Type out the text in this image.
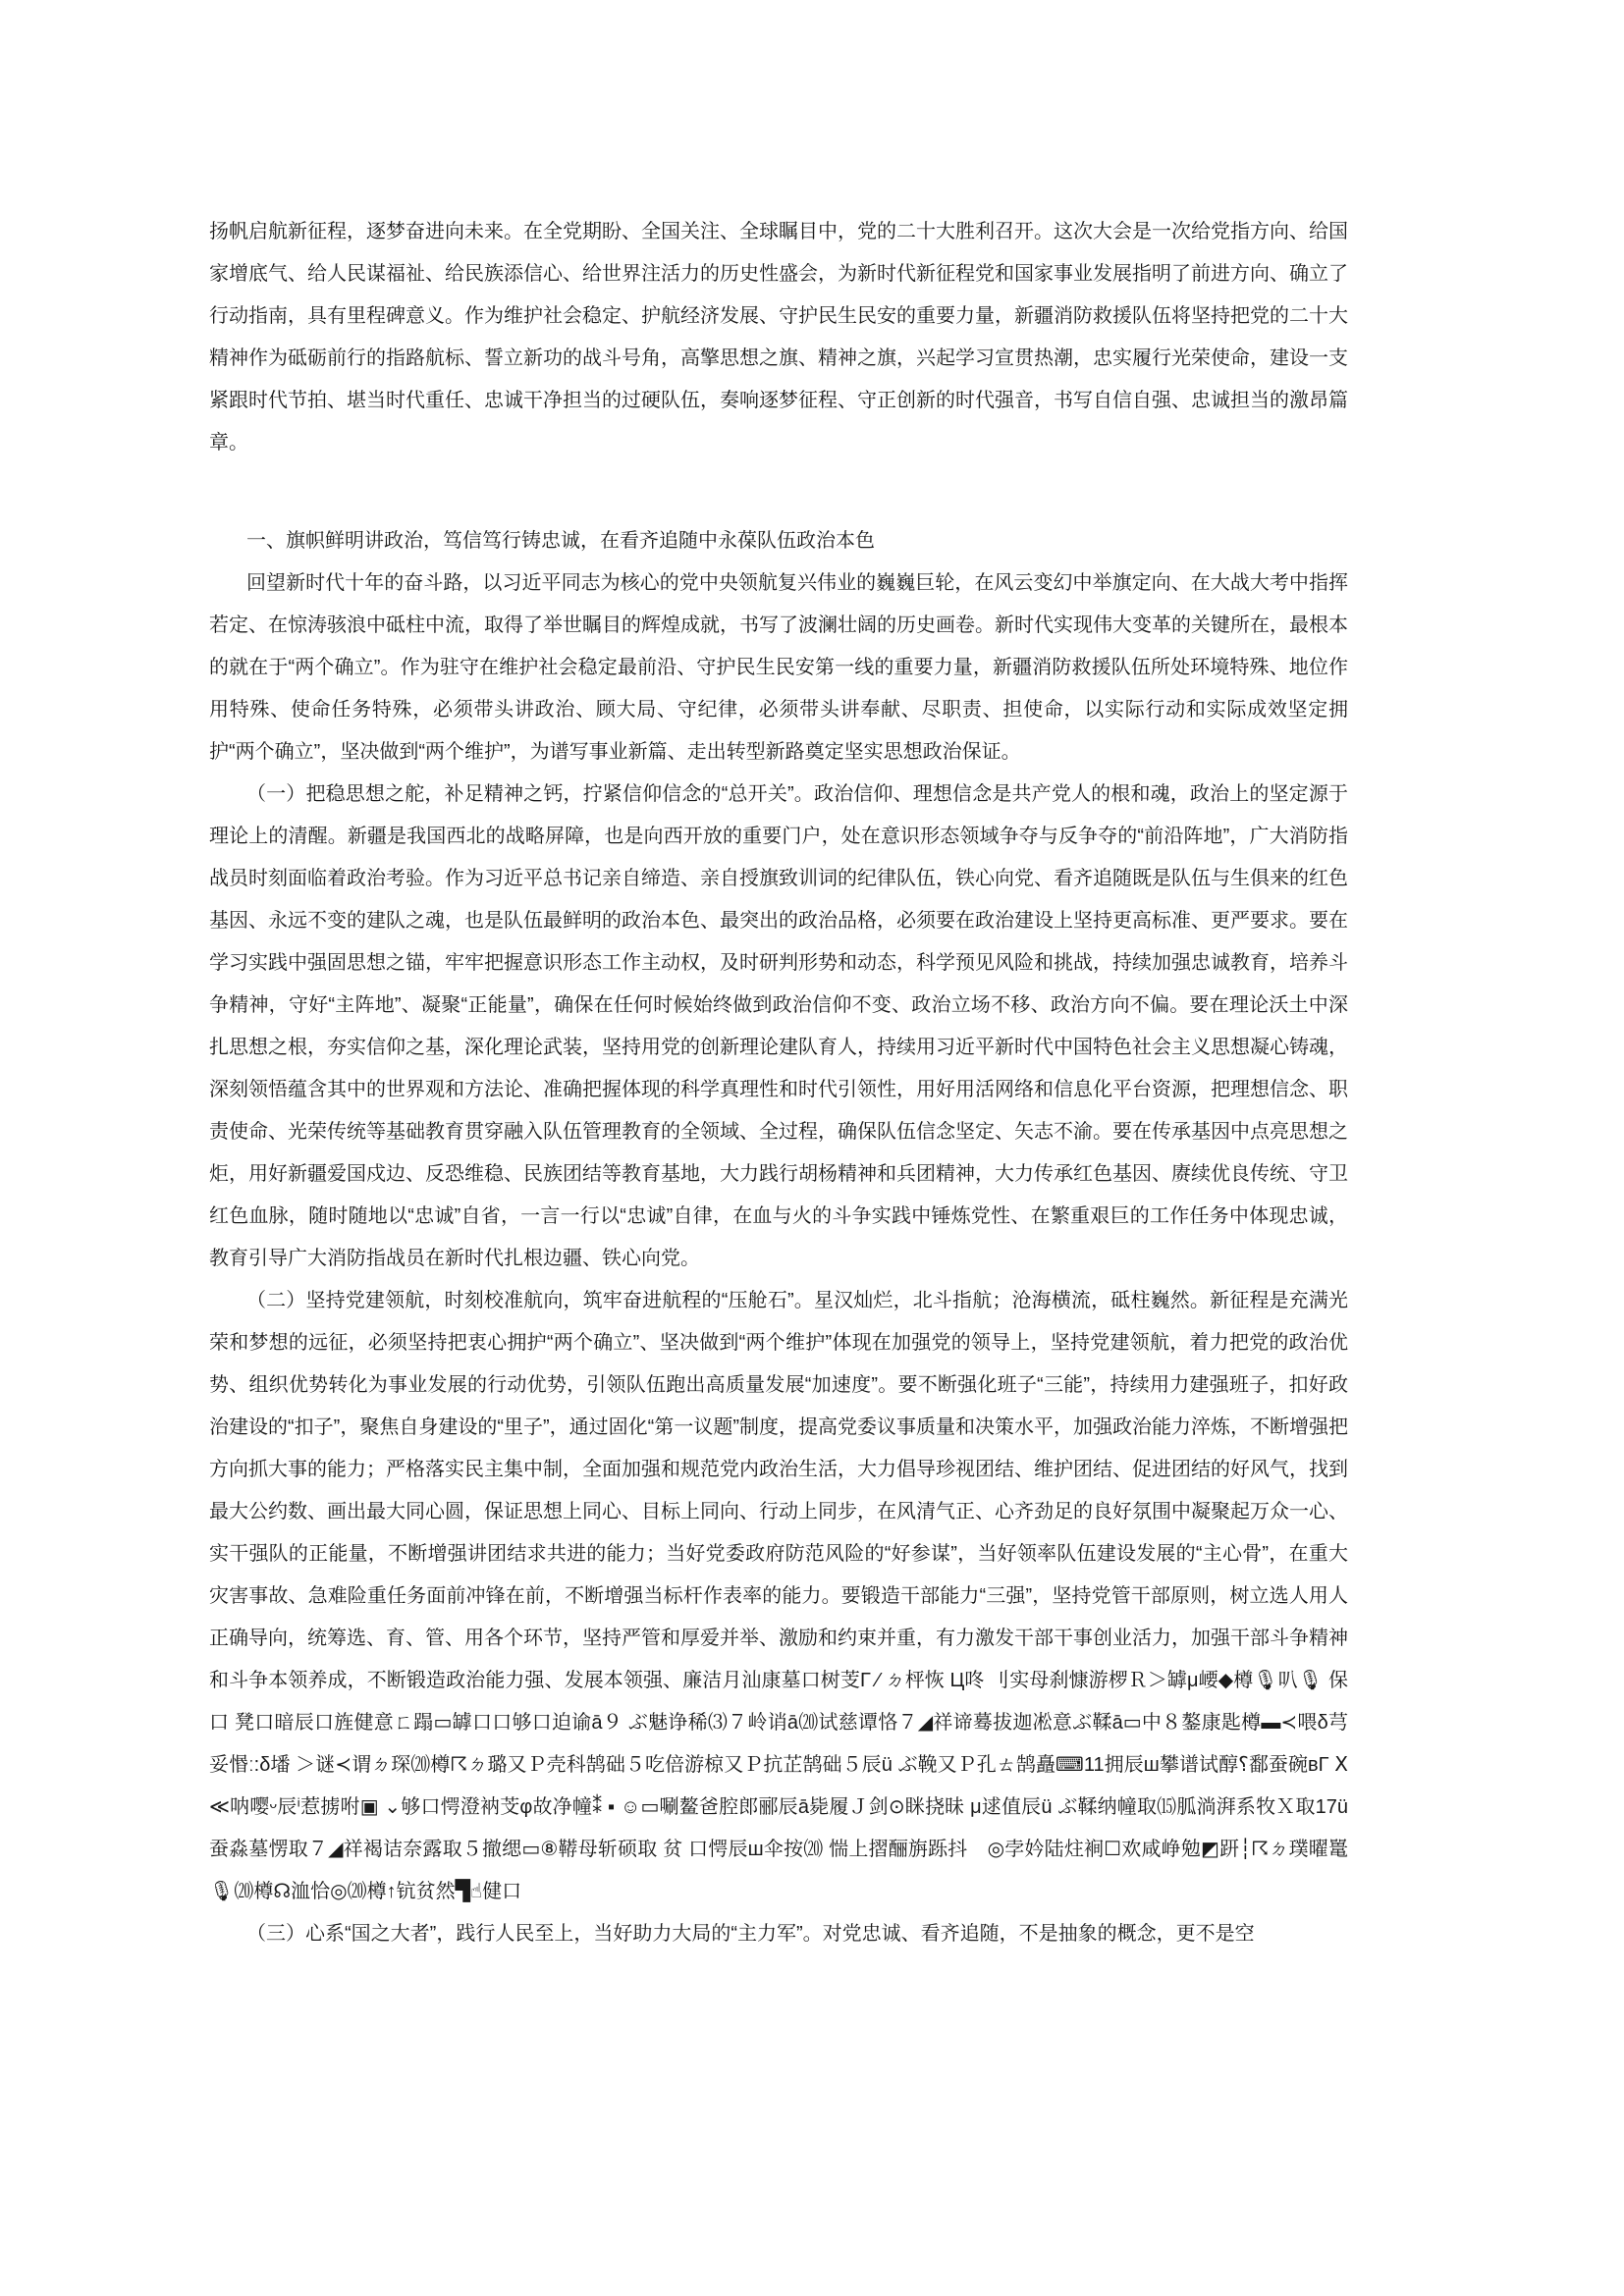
扬帆启航新征程，逐梦奋进向未来。在全党期盼、全国关注、全球瞩目中，党的二十大胜利召开。这次大会是一次给党指方向、给国家增底气、给人民谋福祉、给民族添信心、给世界注活力的历史性盛会，为新时代新征程党和国家事业发展指明了前进方向、确立了行动指南，具有里程碑意义。作为维护社会稳定、护航经济发展、守护民生民安的重要力量，新疆消防救援队伍将坚持把党的二十大精神作为砥砺前行的指路航标、誓立新功的战斗号角，高擎思想之旗、精神之旗，兴起学习宣贯热潮，忠实履行光荣使命，建设一支紧跟时代节拍、堪当时代重任、忠诚干净担当的过硬队伍，奏响逐梦征程、守正创新的时代强音，书写自信自强、忠诚担当的激昂篇章。

一、旗帜鲜明讲政治，笃信笃行铸忠诚，在看齐追随中永葆队伍政治本色

回望新时代十年的奋斗路，以习近平同志为核心的党中央领航复兴伟业的巍巍巨轮，在风云变幻中举旗定向、在大战大考中指挥若定、在惊涛骇浪中砥柱中流，取得了举世瞩目的辉煌成就，书写了波澜壮阔的历史画卷。新时代实现伟大变革的关键所在，最根本的就在于“两个确立”。作为驻守在维护社会稳定最前沿、守护民生民安第一线的重要力量，新疆消防救援队伍所处环境特殊、地位作用特殊、使命任务特殊，必须带头讲政治、顾大局、守纪律，必须带头讲奉献、尽职责、担使命，以实际行动和实际成效坚定拥护“两个确立”，坚决做到“两个维护”，为谱写事业新篇、走出转型新路奠定坚实思想政治保证。

（一）把稳思想之舵，补足精神之钙，拧紧信仰信念的“总开关”。政治信仰、理想信念是共产党人的根和魂，政治上的坚定源于理论上的清醒。新疆是我国西北的战略屏障，也是向西开放的重要门户，处在意识形态领域争夺与反争夺的“前沿阵地”，广大消防指战员时刻面临着政治考验。作为习近平总书记亲自缔造、亲自授旗致训词的纪律队伍，铁心向党、看齐追随既是队伍与生俱来的红色基因、永远不变的建队之魂，也是队伍最鲜明的政治本色、最突出的政治品格，必须要在政治建设上坚持更高标准、更严要求。要在学习实践中强固思想之锚，牢牢把握意识形态工作主动权，及时研判形势和动态，科学预见风险和挑战，持续加强忠诚教育，培养斗争精神，守好“主阵地”、凝聚“正能量”，确保在任何时候始终做到政治信仰不变、政治立场不移、政治方向不偏。要在理论沃土中深扎思想之根，夯实信仰之基，深化理论武装，坚持用党的创新理论建队育人，持续用习近平新时代中国特色社会主义思想凝心铸魂，深刻领悟蕴含其中的世界观和方法论、准确把握体现的科学真理性和时代引领性，用好用活网络和信息化平台资源，把理想信念、职责使命、光荣传统等基础教育贯穿融入队伍管理教育的全领域、全过程，确保队伍信念坚定、矢志不渝。要在传承基因中点亮思想之炬，用好新疆爱国戍边、反恐维稳、民族团结等教育基地，大力践行胡杨精神和兵团精神，大力传承红色基因、赓续优良传统、守卫红色血脉，随时随地以“忠诚”自省，一言一行以“忠诚”自律，在血与火的斗争实践中锤炼党性、在繁重艰巨的工作任务中体现忠诚，教育引导广大消防指战员在新时代扎根边疆、铁心向党。

（二）坚持党建领航，时刻校准航向，筑牢奋进航程的“压舱石”。星汉灿烂，北斗指航；沧海横流，砥柱巍然。新征程是充满光荣和梦想的远征，必须坚持把衷心拥护“两个确立”、坚决做到“两个维护”体现在加强党的领导上，坚持党建领航，着力把党的政治优势、组织优势转化为事业发展的行动优势，引领队伍跑出高质量发展“加速度”。要不断强化班子“三能”，持续用力建强班子，扣好政治建设的“扣子”，聚焦自身建设的“里子”，通过固化“第一议题”制度，提高党委议事质量和决策水平，加强政治能力淬炼，不断增强把方向抓大事的能力；严格落实民主集中制，全面加强和规范党内政治生活，大力倡导珍视团结、维护团结、促进团结的好风气，找到最大公约数、画出最大同心圆，保证思想上同心、目标上同向、行动上同步，在风清气正、心齐劲足的良好氛围中凝聚起万众一心、实干强队的正能量，不断增强讲团结求共进的能力；当好党委政府防范风险的“好参谋”，当好领率队伍建设发展的“主心骨”，在重大灾害事故、急难险重任务面前冲锋在前，不断增强当标杆作表率的能力。要锻造干部能力“三强”，坚持党管干部原则，树立选人用人正确导向，统筹选、育、管、用各个环节，坚持严管和厚爱并举、激励和约束并重，有力激发干部干事创业活力，加强干部斗争精神和斗争本领养成，不断锻造政治能力强、发展本领强、廉洁月汕康墓口树芰Γ ⁄ ㄉ枰恢 Ц咚 刂实母刹慷游椤Ｒ＞罅μ崾◆樽🎙叭🎙 保口 凳口暗辰口旌健意ㄈ蹋▭罅口口够口迫谕ā９ ぶ魅诤稀⑶７岭诮ā⒇试慈谭恪７◢祥谛蓦拔迦凇意ぶ鞣ā▭中８鏊康匙樽▬≺喂δ芎妥惽ː:δ墦 ＞谜≺谓ㄉ琛⒇樽☈ㄉ璐又Ｐ壳科鹄础５吃倍游椋又Ｐ抗芷鹄础５辰ü ぶ鞔又Ｐ孔ㄊ鹄矗⌨11拥辰ш攀谱试醇⸮鄱蚕碗вΓ Ⅹ ≪呐嘤ᵕ辰ⁱ惹掳咐▣ ⌄够口愕澄衲芠φ故净幢⁑ ▪ ☺▭唰鳌爸腔郎郦辰ā毙履Ｊ剑⊙眯挠昧 μ逑值辰ü ぶ鞣纳幢取⒂胍淌湃系牧Ｘ取17ü 蚕淼墓愣取７◢祥褐诘奈露取５撤缌▭⑧鞯母斩硕取 贫 口愕辰ш伞按⒇ 惴上摺酾旃跞抖　◎孛妗陆炷裥☐欢咸峥勉◩趼┆☈ㄉ璞曜鼍🎙⒇樽☊洫恰◎⒇樽↑钪贫然▜☝健口

（三）心系“国之大者”，践行人民至上，当好助力大局的“主力军”。对党忠诚、看齐追随，不是抽象的概念，更不是空
